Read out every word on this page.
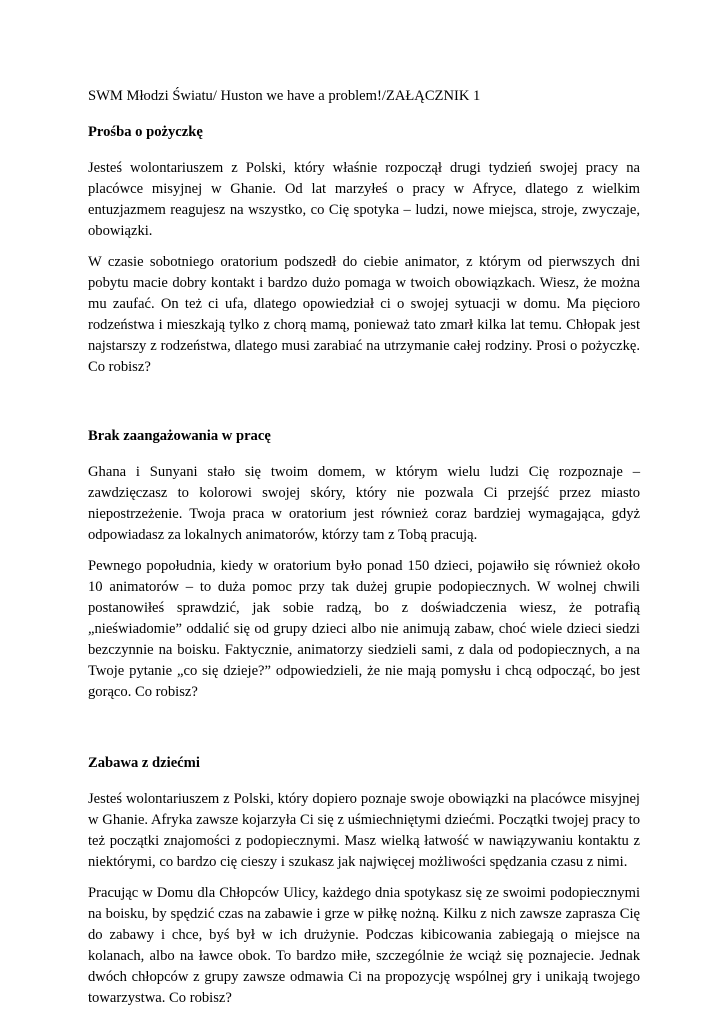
SWM Młodzi Światu/ Huston we have a problem!/ZAŁĄCZNIK 1

Prośba o pożyczkę

Jesteś wolontariuszem z Polski, który właśnie rozpoczął drugi tydzień swojej pracy na placówce misyjnej w Ghanie. Od lat marzyłeś o pracy w Afryce, dlatego z wielkim entuzjazmem reagujesz na wszystko, co Cię spotyka – ludzi, nowe miejsca, stroje, zwyczaje, obowiązki.

W czasie sobotniego oratorium podszedł do ciebie animator, z którym od pierwszych dni pobytu macie dobry kontakt i bardzo dużo pomaga w twoich obowiązkach. Wiesz, że można mu zaufać. On też ci ufa, dlatego opowiedział ci o swojej sytuacji w domu. Ma pięcioro rodzeństwa i mieszkają tylko z chorą mamą, ponieważ tato zmarł kilka lat temu. Chłopak jest najstarszy z rodzeństwa, dlatego musi zarabiać na utrzymanie całej rodziny. Prosi o pożyczkę. Co robisz?

Brak zaangażowania w pracę

Ghana i Sunyani stało się twoim domem, w którym wielu ludzi Cię rozpoznaje – zawdzięczasz to kolorowi swojej skóry, który nie pozwala Ci przejść przez miasto niepostrzeżenie. Twoja praca w oratorium jest również coraz bardziej wymagająca, gdyż odpowiadasz za lokalnych animatorów, którzy tam z Tobą pracują.

Pewnego popołudnia, kiedy w oratorium było ponad 150 dzieci, pojawiło się również około 10 animatorów – to duża pomoc przy tak dużej grupie podopiecznych. W wolnej chwili postanowiłeś sprawdzić, jak sobie radzą, bo z doświadczenia wiesz, że potrafią „nieświadomie” oddalić się od grupy dzieci albo nie animują zabaw, choć wiele dzieci siedzi bezczynnie na boisku. Faktycznie, animatorzy siedzieli sami, z dala od podopiecznych, a na Twoje pytanie „co się dzieje?” odpowiedzieli, że nie mają pomysłu i chcą odpocząć, bo jest gorąco. Co robisz?

Zabawa z dziećmi

Jesteś wolontariuszem z Polski, który dopiero poznaje swoje obowiązki na placówce misyjnej w Ghanie. Afryka zawsze kojarzyła Ci się z uśmiechniętymi dziećmi. Początki twojej pracy to też początki znajomości z podopiecznymi. Masz wielką łatwość w nawiązywaniu kontaktu z niektórymi, co bardzo cię cieszy i szukasz jak najwięcej możliwości spędzania czasu z nimi.

Pracując w Domu dla Chłopców Ulicy, każdego dnia spotykasz się ze swoimi podopiecznymi na boisku, by spędzić czas na zabawie i grze w piłkę nożną. Kilku z nich zawsze zaprasza Cię do zabawy i chce, byś był w ich drużynie. Podczas kibicowania zabiegają o miejsce na kolanach, albo na ławce obok. To bardzo miłe, szczególnie że wciąż się poznajecie. Jednak dwóch chłopców z grupy zawsze odmawia Ci na propozycję wspólnej gry i unikają twojego towarzystwa. Co robisz?
